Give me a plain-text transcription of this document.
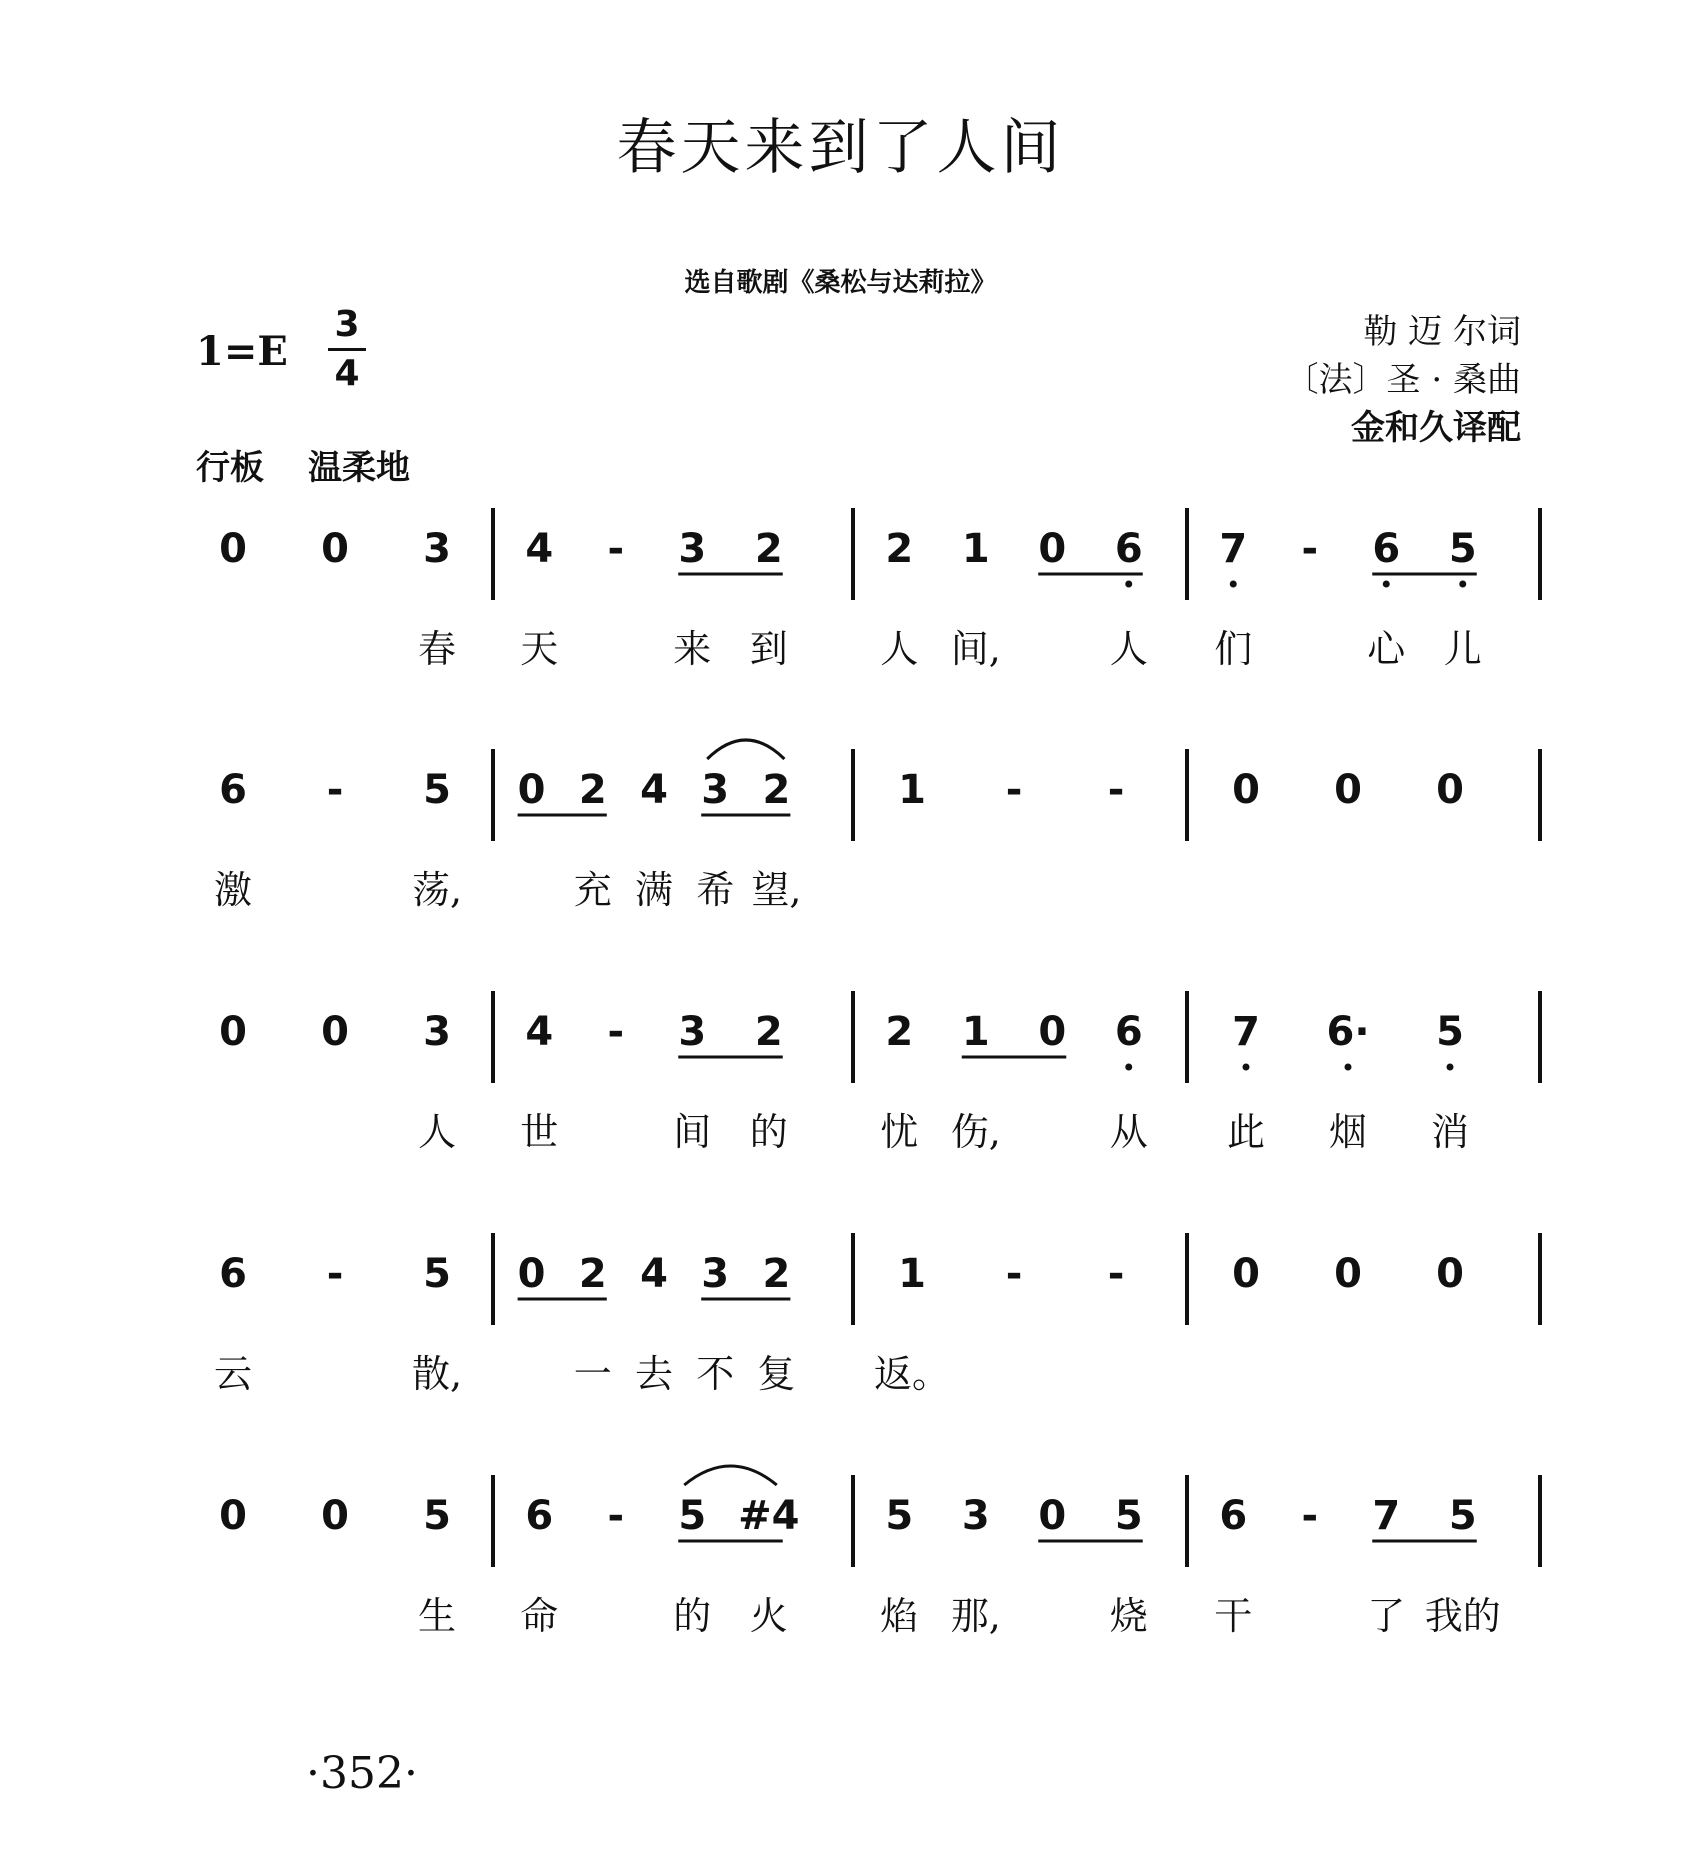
春天来到了人间
选自歌剧《桑松与达莉拉》
1=E
3
4
行板 温柔地
勒 迈 尔词
〔法〕圣 · 桑曲
金和久译配
0 0 3
春
4 - 3 2
天	来 到
2 1 0 6
人 间,	人
7 - 6 5
们	心 儿
6 - 5
激	荡,
0 2 4 3 2
充 满 希 望,
1 - -	0 0 0
0 0 3
人
4 - 3 2
世	间 的
2 1 0 6
忧 伤,	从
7 6· 5
此 烟 消
6 - 5
云	散,
0 2 4 3 2
一 去 不 复
1 - -
返。
0 0 0
0 0 5
生
6 - 5 #4
命	的 火
5 3 0 5
焰 那,	烧
6 - 7 5
干	了 我的
·352·
